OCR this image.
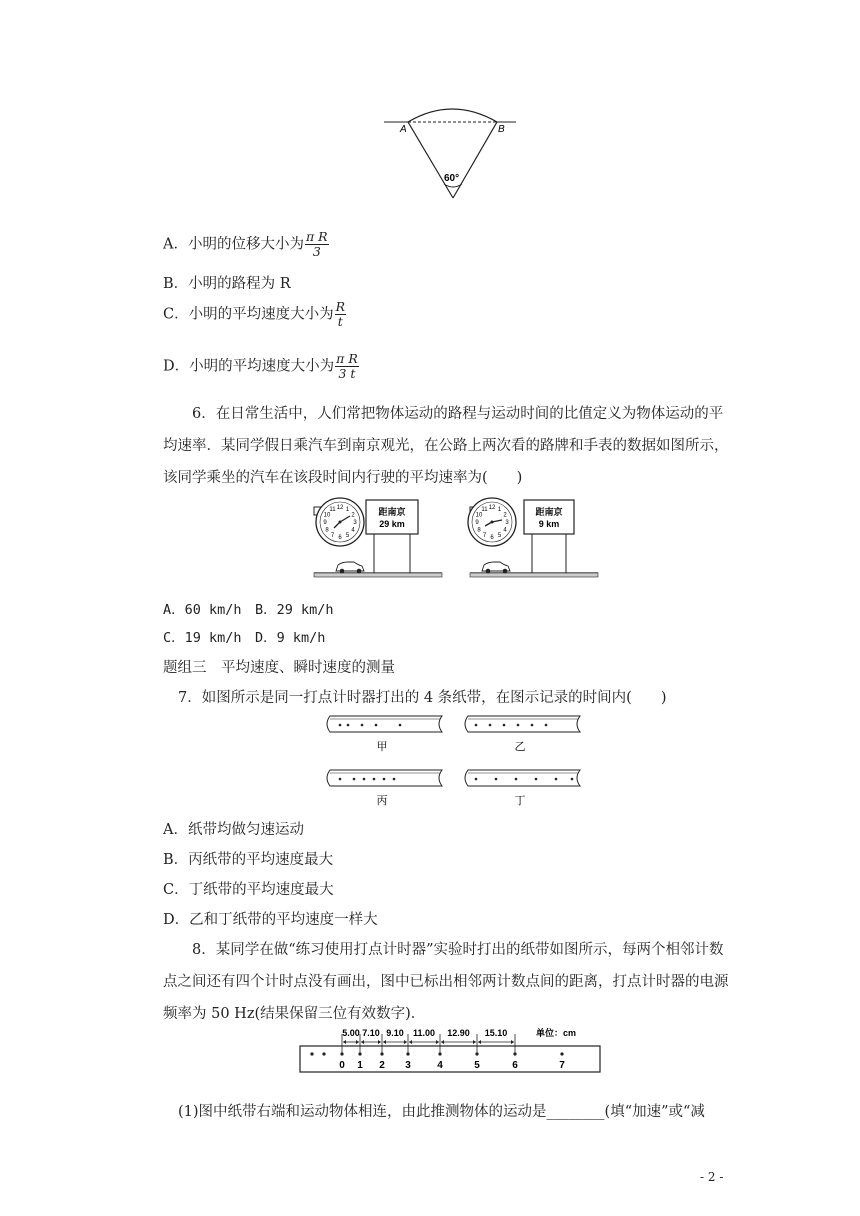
A	B
60°
A．小明的位移大小为 $\frac{\text{π R}}{3}$
B．小明的路程为 R
C．小明的平均速度大小为 $\frac{R}{t}$
D．小明的平均速度大小为 $\frac{\text{π R}}{3 t}$
6．在日常生活中，人们常把物体运动的路程与运动时间的比值定义为物体运动的平均速率．某同学假日乘汽车到南京观光，在公路上两次看的路牌和手表的数据如图所示，该同学乘坐的汽车在该段时间内行驶的平均速率为(　　)
12 1
2
3
4
5
6
7
8
9
10
11	距南京
29 km
12 1
2
3
4
5
6
7
8
9
10
11	距南京
9 km
A．60 km/h　B．29 km/h
C．19 km/h　D．9 km/h
题组三　平均速度、瞬时速度的测量
7．如图所示是同一打点计时器打出的 4 条纸带，在图示记录的时间内(　　)
甲	乙
丙	丁
A．纸带均做匀速运动
B．丙纸带的平均速度最大
C．丁纸带的平均速度最大
D．乙和丁纸带的平均速度一样大
8．某同学在做“练习使用打点计时器”实验时打出的纸带如图所示，每两个相邻计数点之间还有四个计时点没有画出，图中已标出相邻两计数点间的距离，打点计时器的电源频率为 50 Hz(结果保留三位有效数字)．
0 1 2 3	4	5	6	7
5.00 7.10 9.10 11.00 12.90 15.10	单位：cm
(1)图中纸带右端和运动物体相连，由此推测物体的运动是________(填“加速”或“减
- 2 -
